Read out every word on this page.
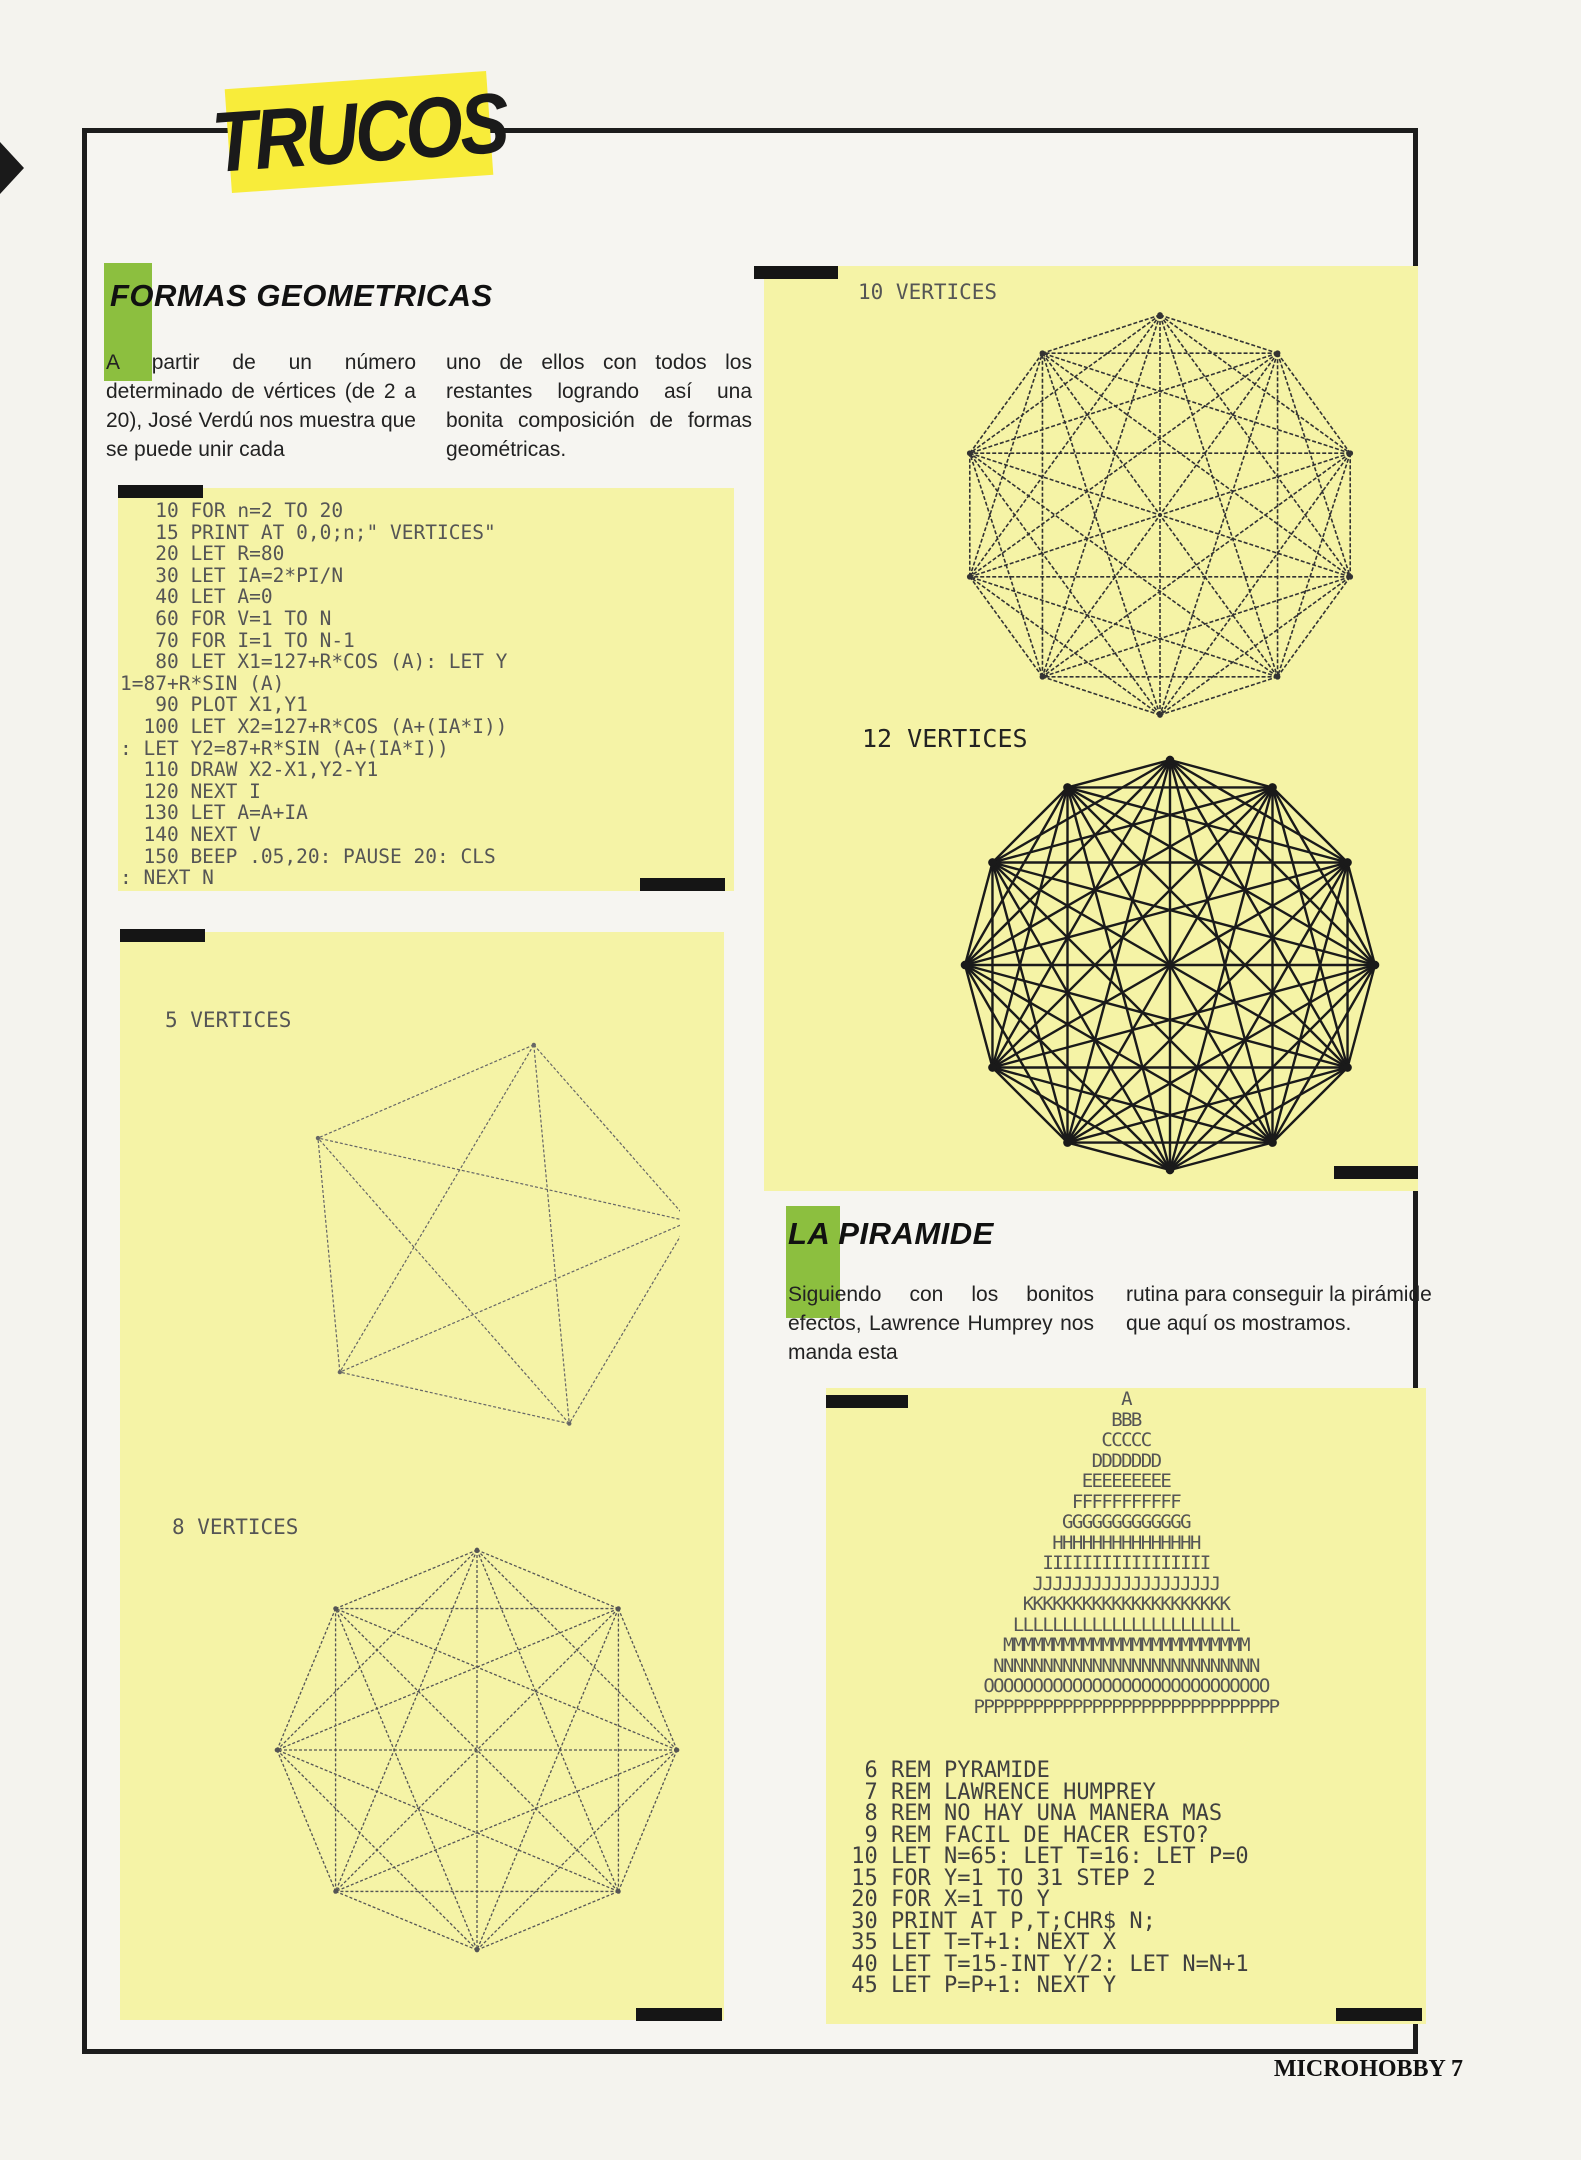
TRUCOS
FORMAS GEOMETRICAS
A partir de un número determinado de vértices (de 2 a 20), José Verdú nos muestra que se puede unir cada
uno de ellos con todos los restantes logrando así una bonita composición de formas geométricas.
10 FOR n=2 TO 20
15 PRINT AT 0,0;n;" VERTICES"
20 LET R=80
30 LET IA=2*PI/N
40 LET A=0
60 FOR V=1 TO N
70 FOR I=1 TO N-1
80 LET X1=127+R*COS (A): LET Y
1=87+R*SIN (A)
90 PLOT X1,Y1
100 LET X2=127+R*COS (A+(IA*I))
: LET Y2=87+R*SIN (A+(IA*I))
110 DRAW X2-X1,Y2-Y1
120 NEXT I
130 LET A=A+IA
140 NEXT V
150 BEEP .05,20: PAUSE 20: CLS
: NEXT N
5 VERTICES
8 VERTICES
10 VERTICES
12 VERTICES
LA PIRAMIDE
Siguiendo con los bonitos efectos, Lawrence Humprey nos manda esta
rutina para conseguir la pirámide que aquí os mostramos.
A
BBB
CCCCC
DDDDDDD
EEEEEEEEE
FFFFFFFFFFF
GGGGGGGGGGGGG
HHHHHHHHHHHHHHH
IIIIIIIIIIIIIIIII
JJJJJJJJJJJJJJJJJJJ
KKKKKKKKKKKKKKKKKKKKK
LLLLLLLLLLLLLLLLLLLLLLL
MMMMMMMMMMMMMMMMMMMMMMMMM
NNNNNNNNNNNNNNNNNNNNNNNNNNN
OOOOOOOOOOOOOOOOOOOOOOOOOOOOO
PPPPPPPPPPPPPPPPPPPPPPPPPPPPPPP
6 REM PYRAMIDE
7 REM LAWRENCE HUMPREY
8 REM NO HAY UNA MANERA MAS
9 REM FACIL DE HACER ESTO?
10 LET N=65: LET T=16: LET P=0
15 FOR Y=1 TO 31 STEP 2
20 FOR X=1 TO Y
30 PRINT AT P,T;CHR$ N;
35 LET T=T+1: NEXT X
40 LET T=15-INT Y/2: LET N=N+1
45 LET P=P+1: NEXT Y
MICROHOBBY 7
